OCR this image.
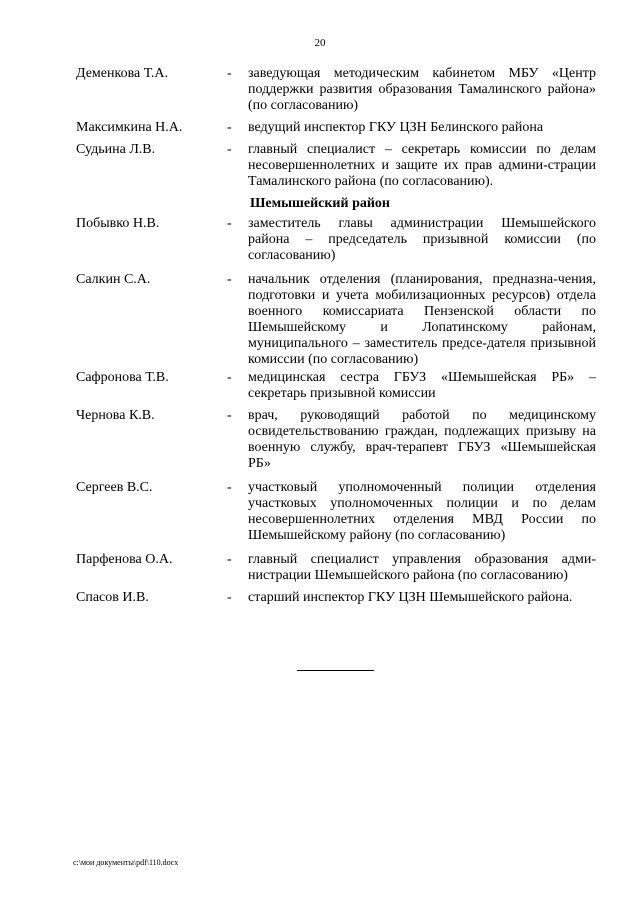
20
Деменкова Т.А.	- заведующая методическим кабинетом МБУ «Центр поддержки развития образования Тамалинского района» (по согласованию)
Максимкина Н.А.	- ведущий инспектор ГКУ ЦЗН Белинского района
Судьина Л.В.	- главный специалист – секретарь комиссии по делам несовершеннолетних и защите их прав админи-страции Тамалинского района (по согласованию).
Шемышейский район
Побывко Н.В.	- заместитель главы администрации Шемышейского района – председатель призывной комиссии (по согласованию)
Салкин С.А.	- начальник отделения (планирования, предназна-чения, подготовки и учета мобилизационных ресурсов) отдела военного комиссариата Пензенской области по Шемышейскому и Лопатинскому районам, муниципального – заместитель предсе-дателя призывной комиссии (по согласованию)
Сафронова Т.В.	- медицинская сестра ГБУЗ «Шемышейская РБ» – секретарь призывной комиссии
Чернова К.В.	- врач, руководящий работой по медицинскому освидетельствованию граждан, подлежащих призыву на военную службу, врач-терапевт ГБУЗ «Шемышейская РБ»
Сергеев В.С.	- участковый уполномоченный полиции отделения участковых уполномоченных полиции и по делам несовершеннолетних отделения МВД России по Шемышейскому району (по согласованию)
Парфенова О.А.	- главный специалист управления образования адми-нистрации Шемышейского района (по согласованию)
Спасов И.В.	- старший инспектор ГКУ ЦЗН Шемышейского района.
c:\мои документы\pdf\110.docx
